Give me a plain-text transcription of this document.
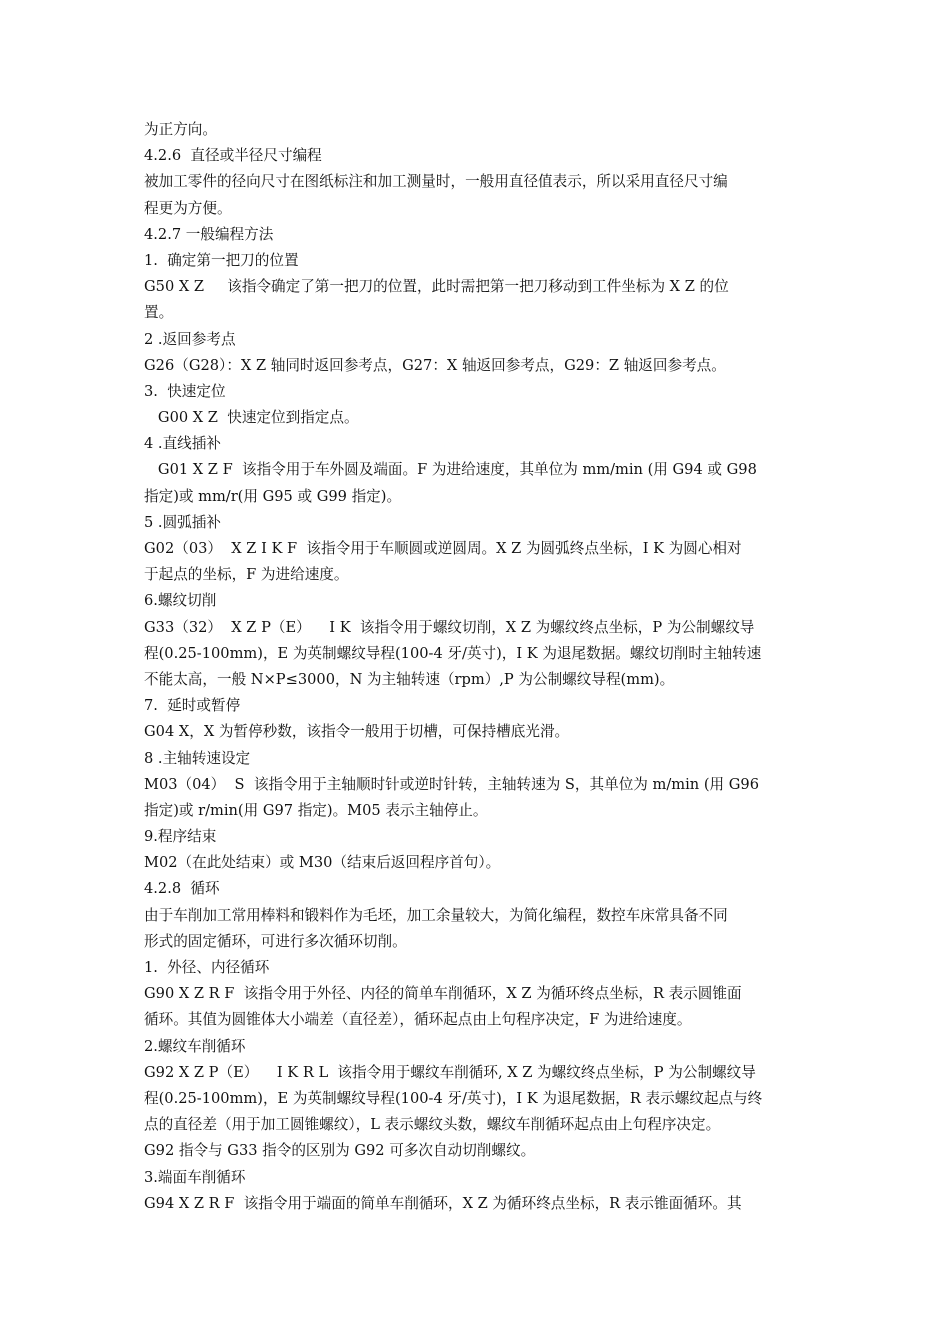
为正方向。
4.2.6  直径或半径尺寸编程
被加工零件的径向尺寸在图纸标注和加工测量时，一般用直径值表示，所以采用直径尺寸编
程更为方便。
4.2.7 一般编程方法
1.  确定第一把刀的位置
G50 X Z     该指令确定了第一把刀的位置，此时需把第一把刀移动到工件坐标为 X Z 的位
置。
2 .返回参考点
G26（G28）：X Z 轴同时返回参考点，G27：X 轴返回参考点，G29：Z 轴返回参考点。
3.  快速定位
G00 X Z  快速定位到指定点。
4 .直线插补
G01 X Z F  该指令用于车外圆及端面。F 为进给速度，其单位为 mm/min (用 G94 或 G98
指定)或 mm/r(用 G95 或 G99 指定)。
5 .圆弧插补
G02（03）  X Z I K F  该指令用于车顺圆或逆圆周。X Z 为圆弧终点坐标，I K 为圆心相对
于起点的坐标，F 为进给速度。
6.螺纹切削
G33（32）  X Z P（E）    I K  该指令用于螺纹切削，X Z 为螺纹终点坐标，P 为公制螺纹导
程(0.25-100mm)，E 为英制螺纹导程(100-4 牙/英寸)，I K 为退尾数据。螺纹切削时主轴转速
不能太高，一般 N×P≤3000，N 为主轴转速（rpm）,P 为公制螺纹导程(mm)。
7.  延时或暂停
G04 X，X 为暂停秒数，该指令一般用于切槽，可保持槽底光滑。
8 .主轴转速设定
M03（04）  S  该指令用于主轴顺时针或逆时针转，主轴转速为 S，其单位为 m/min (用 G96
指定)或 r/min(用 G97 指定)。M05 表示主轴停止。
9.程序结束
M02（在此处结束）或 M30（结束后返回程序首句）。
4.2.8  循环
由于车削加工常用棒料和锻料作为毛坯，加工余量较大，为简化编程，数控车床常具备不同
形式的固定循环，可进行多次循环切削。
1.  外径、内径循环
G90 X Z R F  该指令用于外径、内径的简单车削循环，X Z 为循环终点坐标，R 表示圆锥面
循环。其值为圆锥体大小端差（直径差），循环起点由上句程序决定，F 为进给速度。
2.螺纹车削循环
G92 X Z P（E）    I K R L  该指令用于螺纹车削循环, X Z 为螺纹终点坐标，P 为公制螺纹导
程(0.25-100mm)，E 为英制螺纹导程(100-4 牙/英寸)，I K 为退尾数据，R 表示螺纹起点与终
点的直径差（用于加工圆锥螺纹），L 表示螺纹头数，螺纹车削循环起点由上句程序决定。
G92 指令与 G33 指令的区别为 G92 可多次自动切削螺纹。
3.端面车削循环
G94 X Z R F  该指令用于端面的简单车削循环，X Z 为循环终点坐标，R 表示锥面循环。其
